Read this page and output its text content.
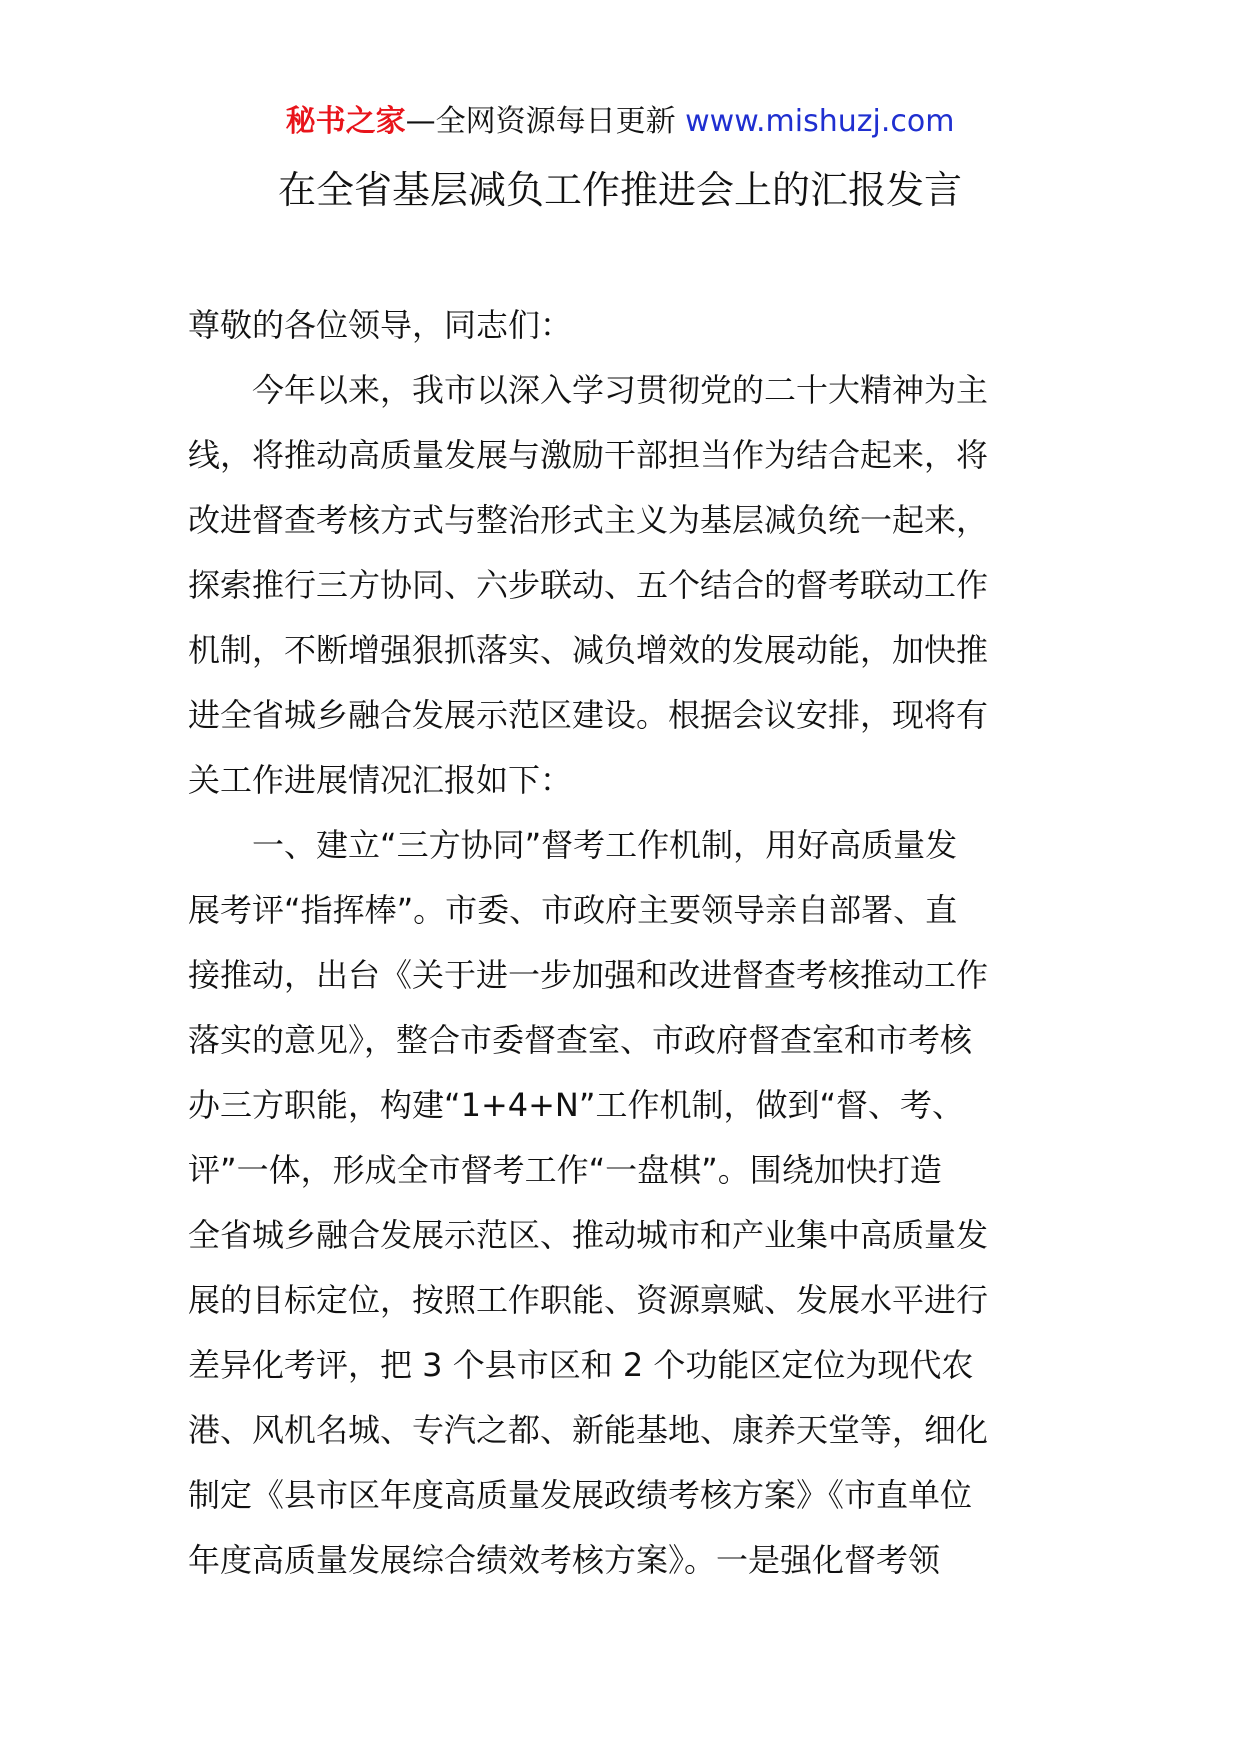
秘书之家—全网资源每日更新 www.mishuzj.com
在全省基层减负工作推进会上的汇报发言
尊敬的各位领导，同志们：
今年以来，我市以深入学习贯彻党的二十大精神为主
线，将推动高质量发展与激励干部担当作为结合起来，将
改进督查考核方式与整治形式主义为基层减负统一起来，
探索推行三方协同、六步联动、五个结合的督考联动工作
机制，不断增强狠抓落实、减负增效的发展动能，加快推
进全省城乡融合发展示范区建设。根据会议安排，现将有
关工作进展情况汇报如下：
一、建立“三方协同”督考工作机制，用好高质量发
展考评“指挥棒”。市委、市政府主要领导亲自部署、直
接推动，出台《关于进一步加强和改进督查考核推动工作
落实的意见》，整合市委督查室、市政府督查室和市考核
办三方职能，构建“1+4+N”工作机制，做到“督、考、
评”一体，形成全市督考工作“一盘棋”。围绕加快打造
全省城乡融合发展示范区、推动城市和产业集中高质量发
展的目标定位，按照工作职能、资源禀赋、发展水平进行
差异化考评，把 3 个县市区和 2 个功能区定位为现代农
港、风机名城、专汽之都、新能基地、康养天堂等，细化
制定《县市区年度高质量发展政绩考核方案》《市直单位
年度高质量发展综合绩效考核方案》。一是强化督考领
